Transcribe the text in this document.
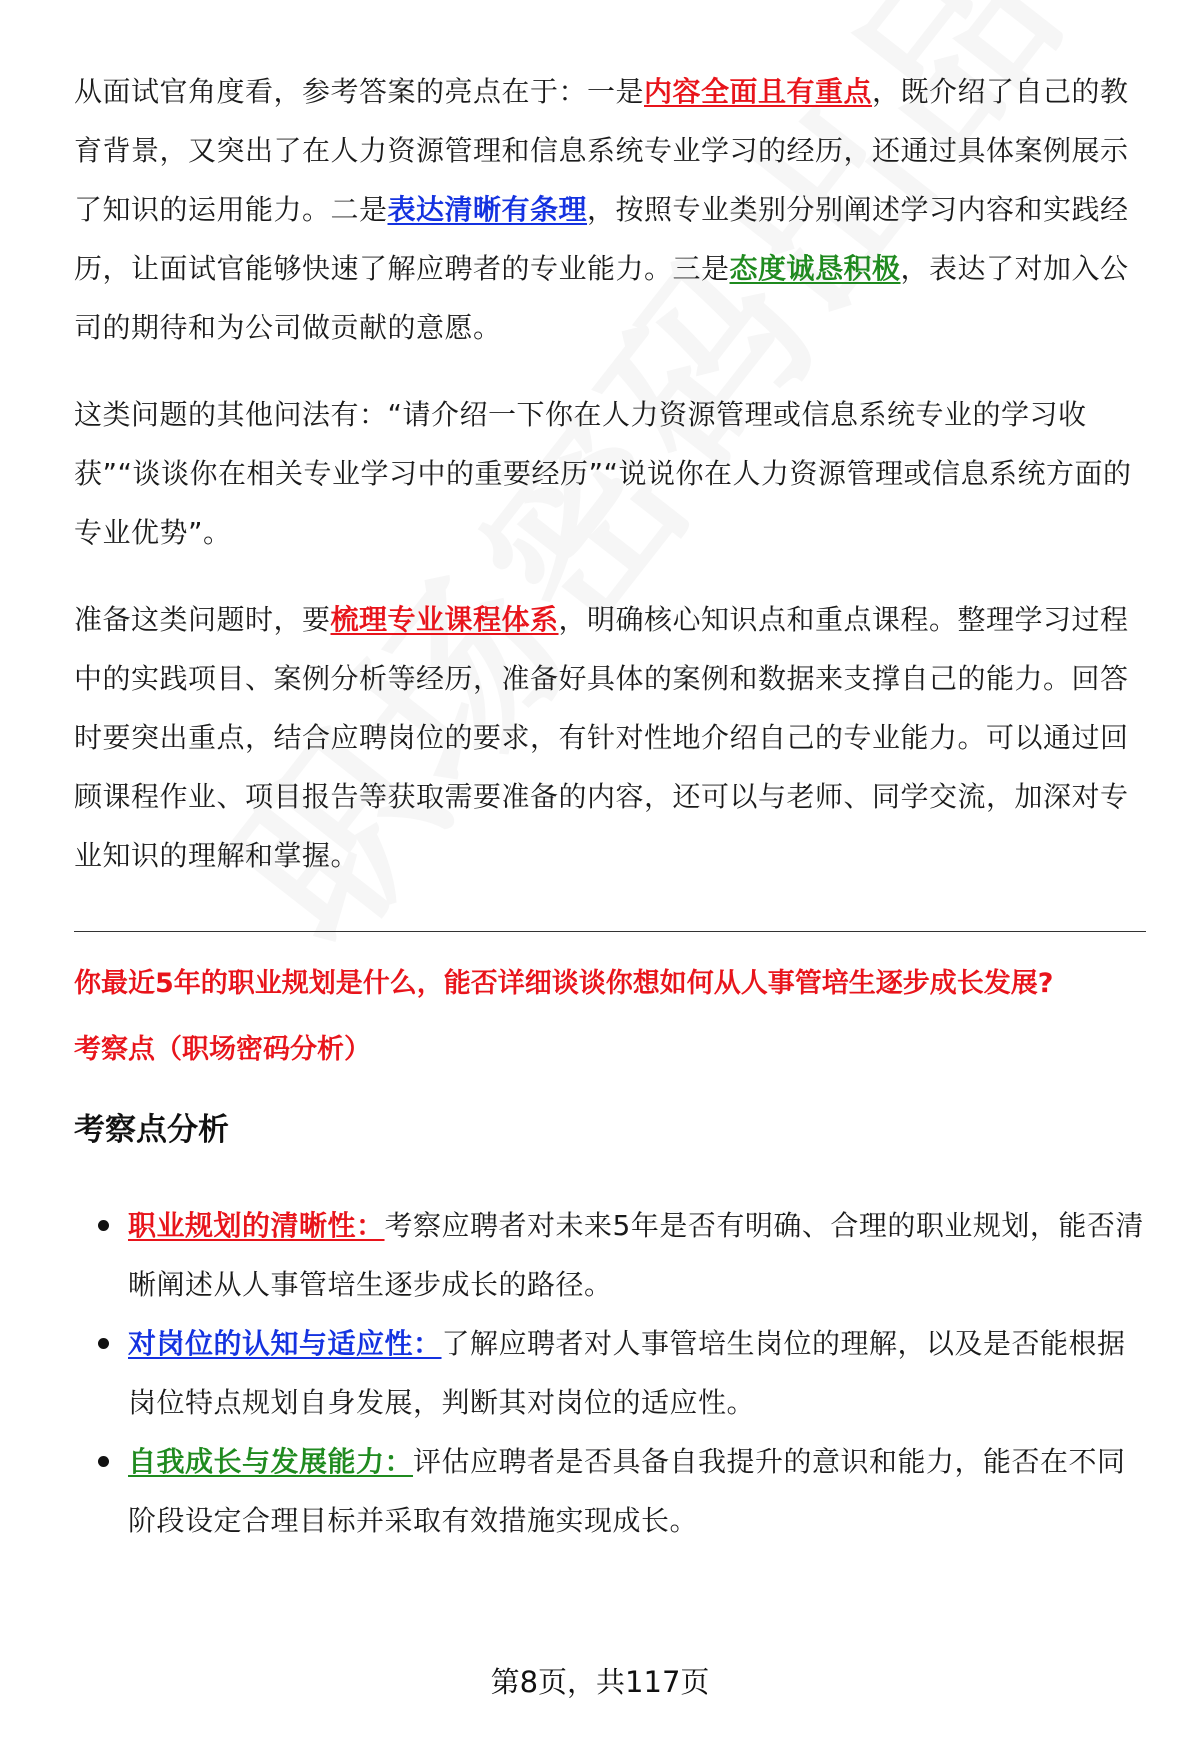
从面试官角度看，参考答案的亮点在于：一是内容全面且有重点，既介绍了自己的教育背景，又突出了在人力资源管理和信息系统专业学习的经历，还通过具体案例展示了知识的运用能力。二是表达清晰有条理，按照专业类别分别阐述学习内容和实践经历，让面试官能够快速了解应聘者的专业能力。三是态度诚恳积极，表达了对加入公司的期待和为公司做贡献的意愿。

这类问题的其他问法有：“请介绍一下你在人力资源管理或信息系统专业的学习收获”“谈谈你在相关专业学习中的重要经历”“说说你在人力资源管理或信息系统方面的专业优势”。

准备这类问题时，要梳理专业课程体系，明确核心知识点和重点课程。整理学习过程中的实践项目、案例分析等经历，准备好具体的案例和数据来支撑自己的能力。回答时要突出重点，结合应聘岗位的要求，有针对性地介绍自己的专业能力。可以通过回顾课程作业、项目报告等获取需要准备的内容，还可以与老师、同学交流，加深对专业知识的理解和掌握。

你最近5年的职业规划是什么，能否详细谈谈你想如何从人事管培生逐步成长发展?
考察点（职场密码分析）
考察点分析
职业规划的清晰性：考察应聘者对未来5年是否有明确、合理的职业规划，能否清晰阐述从人事管培生逐步成长的路径。
对岗位的认知与适应性：了解应聘者对人事管培生岗位的理解，以及是否能根据岗位特点规划自身发展，判断其对岗位的适应性。
自我成长与发展能力：评估应聘者是否具备自我提升的意识和能力，能否在不同阶段设定合理目标并采取有效措施实现成长。
第8页，共117页
